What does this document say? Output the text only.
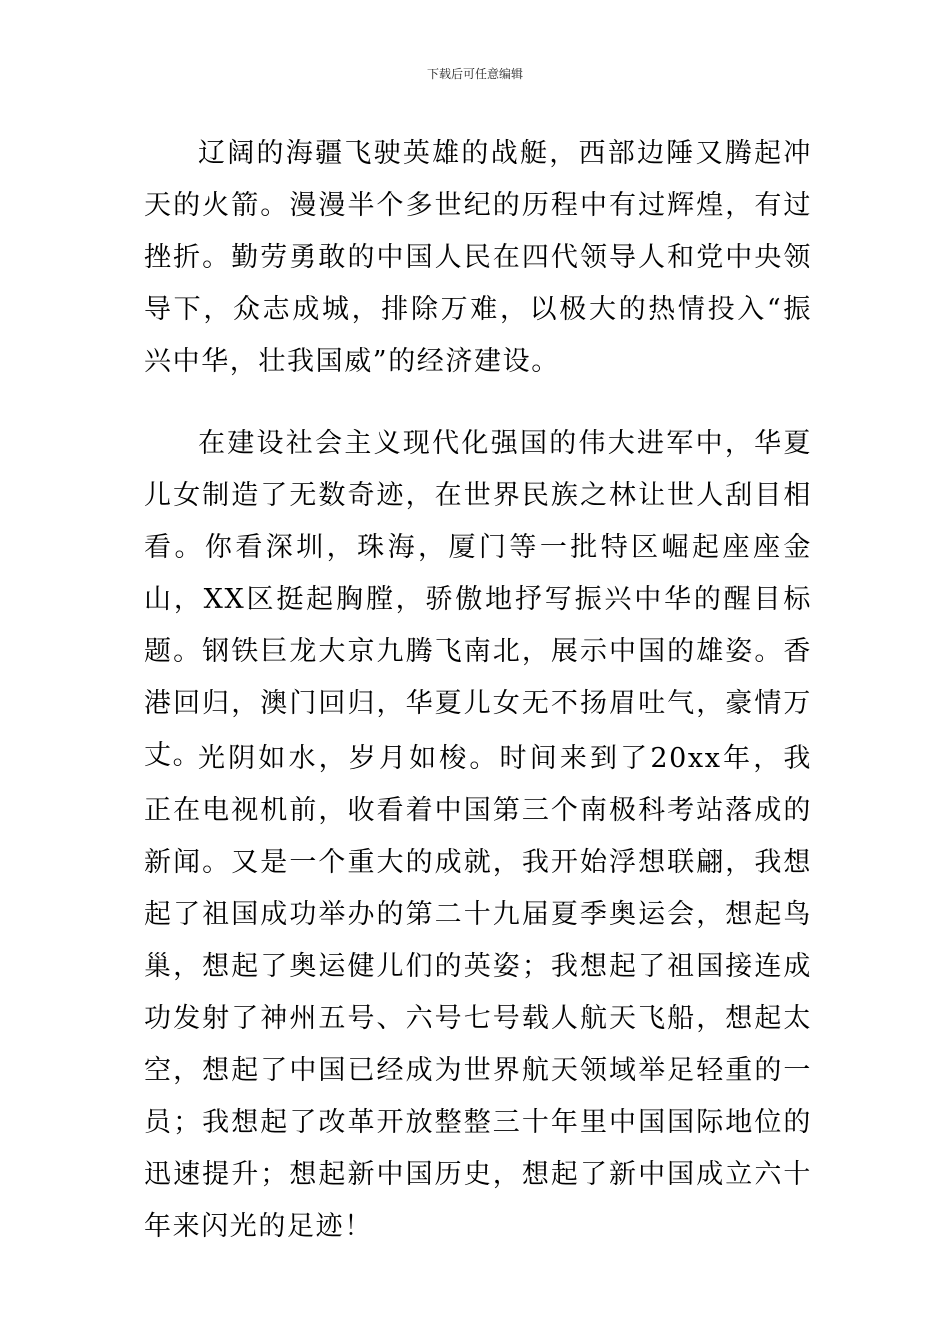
下载后可任意编辑

辽阔的海疆飞驶英雄的战艇，西部边陲又腾起冲天的火箭。漫漫半个多世纪的历程中有过辉煌，有过挫折。勤劳勇敢的中国人民在四代领导人和党中央领导下，众志成城，排除万难，以极大的热情投入“振兴中华，壮我国威”的经济建设。

在建设社会主义现代化强国的伟大进军中，华夏儿女制造了无数奇迹，在世界民族之林让世人刮目相看。你看深圳，珠海，厦门等一批特区崛起座座金山，XX区挺起胸膛，骄傲地抒写振兴中华的醒目标题。钢铁巨龙大京九腾飞南北，展示中国的雄姿。香港回归，澳门回归，华夏儿女无不扬眉吐气，豪情万丈。

光阴如水，岁月如梭。时间来到了20xx年，我正在电视机前，收看着中国第三个南极科考站落成的新闻。又是一个重大的成就，我开始浮想联翩，我想起了祖国成功举办的第二十九届夏季奥运会，想起鸟巢，想起了奥运健儿们的英姿；我想起了祖国接连成功发射了神州五号、六号七号载人航天飞船，想起太空，想起了中国已经成为世界航天领域举足轻重的一员；我想起了改革开放整整三十年里中国国际地位的迅速提升；想起新中国历史，想起了新中国成立六十年来闪光的足迹！
